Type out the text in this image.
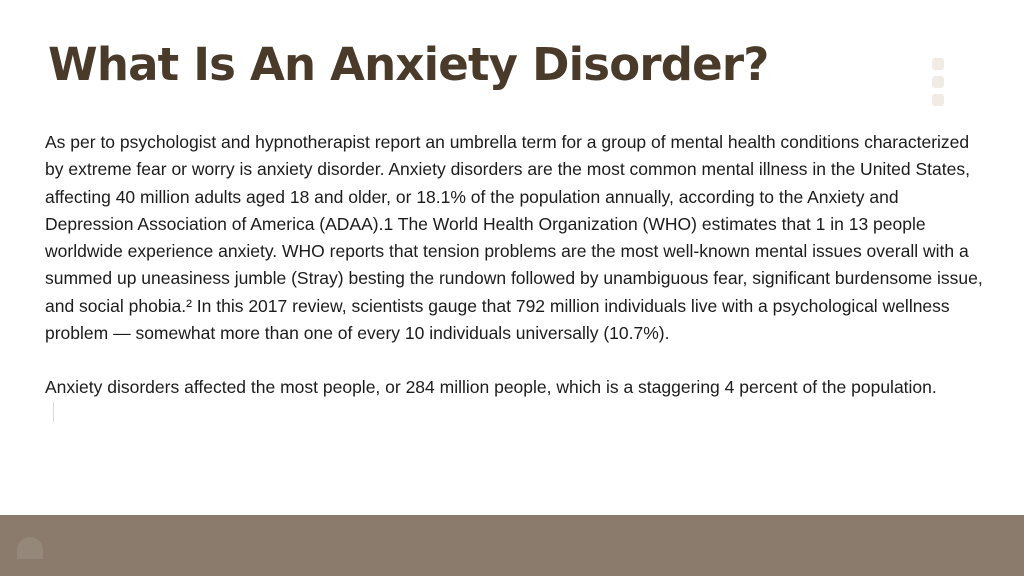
What Is An Anxiety Disorder?

As per to psychologist and hypnotherapist report an umbrella term for a group of mental health conditions characterized by extreme fear or worry is anxiety disorder. Anxiety disorders are the most common mental illness in the United States, affecting 40 million adults aged 18 and older, or 18.1% of the population annually, according to the Anxiety and Depression Association of America (ADAA).1 The World Health Organization (WHO) estimates that 1 in 13 people worldwide experience anxiety. WHO reports that tension problems are the most well-known mental issues overall with a summed up uneasiness jumble (Stray) besting the rundown followed by unambiguous fear, significant burdensome issue, and social phobia.² In this 2017 review, scientists gauge that 792 million individuals live with a psychological wellness problem — somewhat more than one of every 10 individuals universally (10.7%).

Anxiety disorders affected the most people, or 284 million people, which is a staggering 4 percent of the population.
